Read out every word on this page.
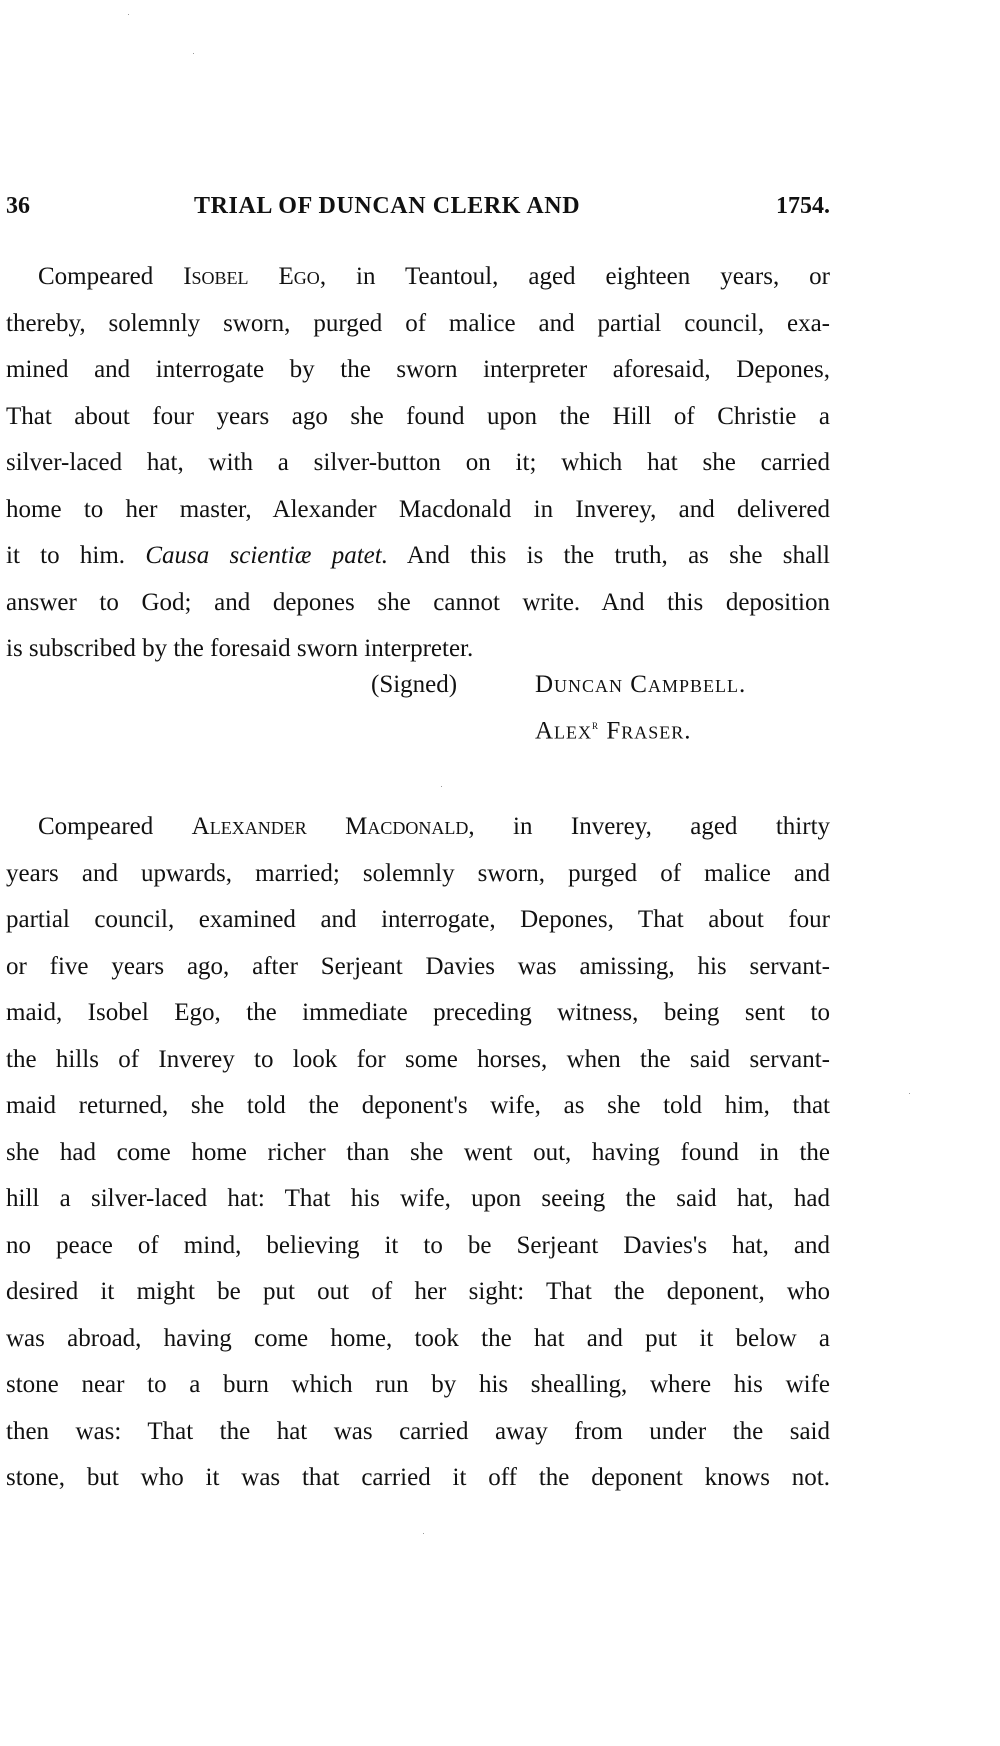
36	TRIAL OF DUNCAN CLERK AND	1754.
Compeared Isobel Ego, in Teantoul, aged eighteen years, or
thereby, solemnly sworn, purged of malice and partial council, exa-
mined and interrogate by the sworn interpreter aforesaid, Depones,
That about four years ago she found upon the Hill of Christie a
silver-laced hat, with a silver-button on it; which hat she carried
home to her master, Alexander Macdonald in Inverey, and delivered
it to him. Causa scientiæ patet. And this is the truth, as she shall
answer to God; and depones she cannot write. And this deposition
is subscribed by the foresaid sworn interpreter.
(Signed)	Duncan Campbell.
Alex$^r$ Fraser.
Compeared Alexander Macdonald, in Inverey, aged thirty
years and upwards, married; solemnly sworn, purged of malice and
partial council, examined and interrogate, Depones, That about four
or five years ago, after Serjeant Davies was amissing, his servant-
maid, Isobel Ego, the immediate preceding witness, being sent to
the hills of Inverey to look for some horses, when the said servant-
maid returned, she told the deponent's wife, as she told him, that
she had come home richer than she went out, having found in the
hill a silver-laced hat: That his wife, upon seeing the said hat, had
no peace of mind, believing it to be Serjeant Davies's hat, and
desired it might be put out of her sight: That the deponent, who
was abroad, having come home, took the hat and put it below a
stone near to a burn which run by his shealling, where his wife
then was: That the hat was carried away from under the said
stone, but who it was that carried it off the deponent knows not.
